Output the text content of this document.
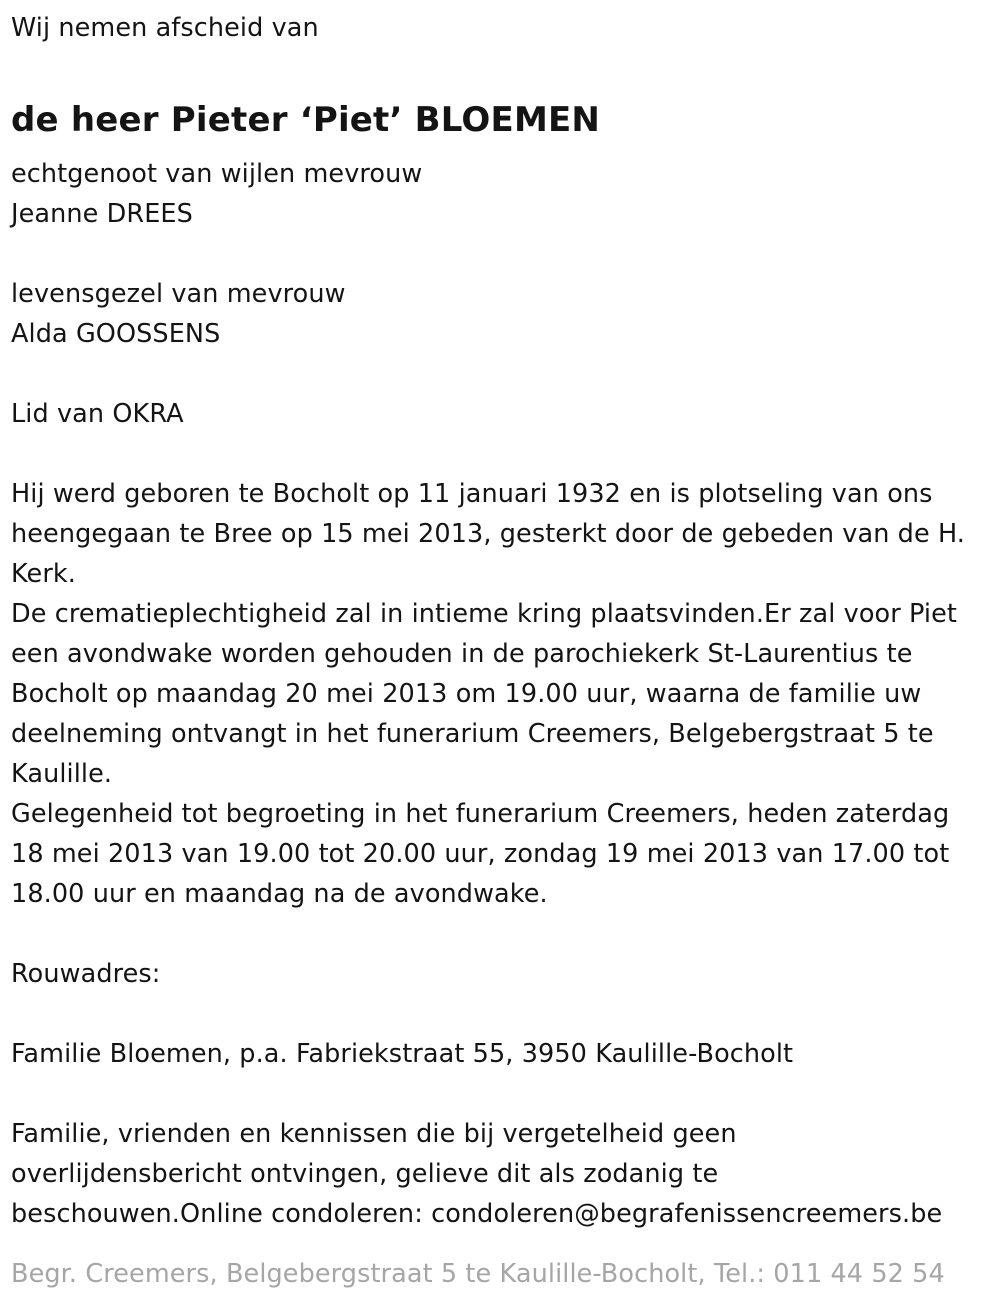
Wij nemen afscheid van
de heer Pieter ‘Piet’ BLOEMEN
echtgenoot van wijlen mevrouw
Jeanne DREES
levensgezel van mevrouw
Alda GOOSSENS
Lid van OKRA
Hij werd geboren te Bocholt op 11 januari 1932 en is plotseling van ons
heengegaan te Bree op 15 mei 2013, gesterkt door de gebeden van de H.
Kerk.
De crematieplechtigheid zal in intieme kring plaatsvinden.Er zal voor Piet
een avondwake worden gehouden in de parochiekerk St-Laurentius te
Bocholt op maandag 20 mei 2013 om 19.00 uur, waarna de familie uw
deelneming ontvangt in het funerarium Creemers, Belgebergstraat 5 te
Kaulille.
Gelegenheid tot begroeting in het funerarium Creemers, heden zaterdag
18 mei 2013 van 19.00 tot 20.00 uur, zondag 19 mei 2013 van 17.00 tot
18.00 uur en maandag na de avondwake.
Rouwadres:
Familie Bloemen, p.a. Fabriekstraat 55, 3950 Kaulille-Bocholt
Familie, vrienden en kennissen die bij vergetelheid geen
overlijdensbericht ontvingen, gelieve dit als zodanig te
beschouwen.Online condoleren: condoleren@begrafenissencreemers.be
Begr. Creemers, Belgebergstraat 5 te Kaulille-Bocholt, Tel.: 011 44 52 54
